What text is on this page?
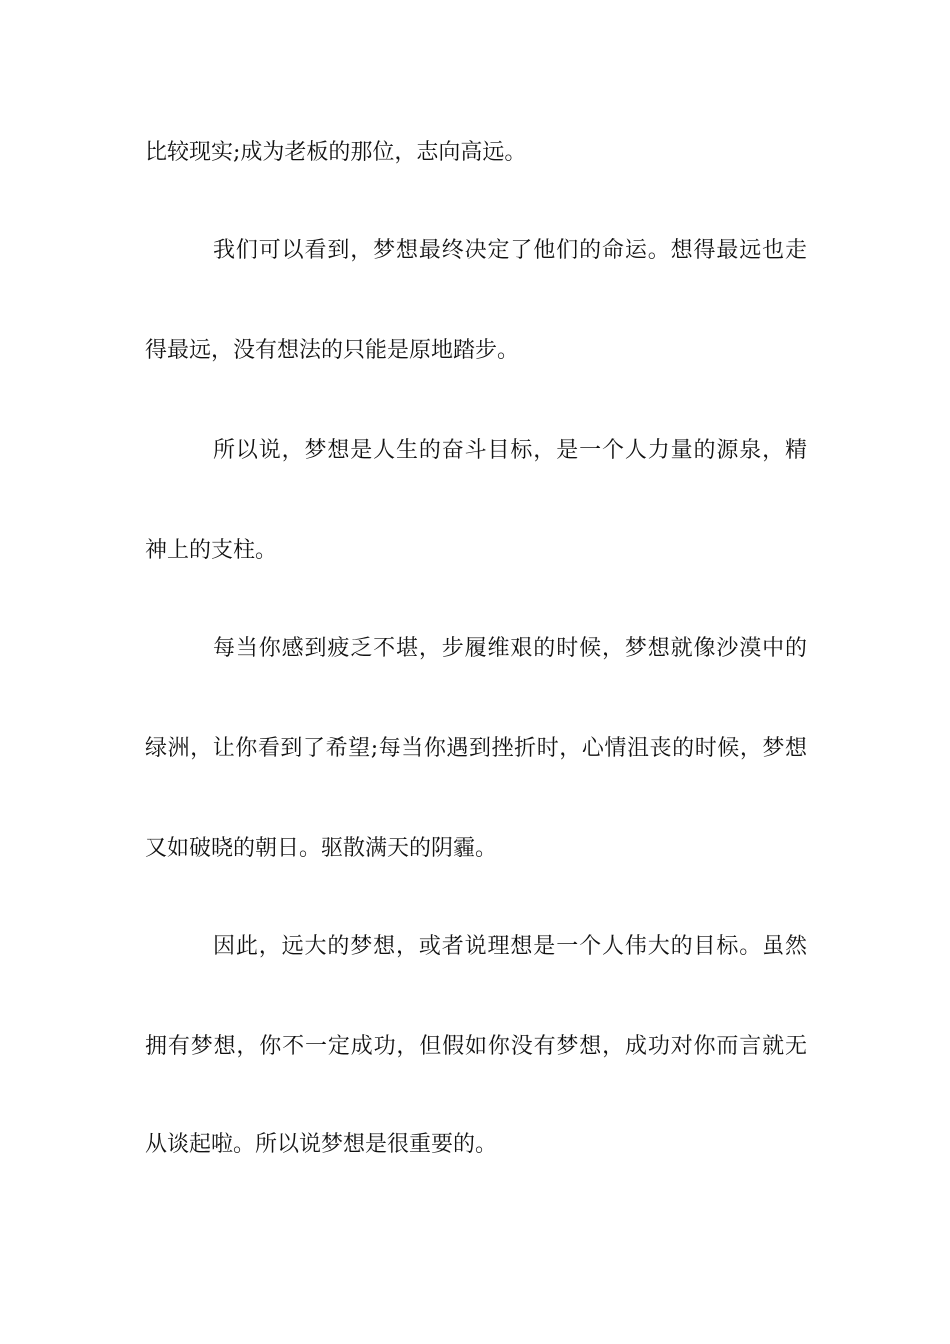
比较现实;成为老板的那位，志向高远。
我们可以看到，梦想最终决定了他们的命运。想得最远也走
得最远，没有想法的只能是原地踏步。
所以说，梦想是人生的奋斗目标，是一个人力量的源泉，精
神上的支柱。
每当你感到疲乏不堪，步履维艰的时候，梦想就像沙漠中的
绿洲，让你看到了希望;每当你遇到挫折时，心情沮丧的时候，梦想
又如破晓的朝日。驱散满天的阴霾。
因此，远大的梦想，或者说理想是一个人伟大的目标。虽然
拥有梦想，你不一定成功，但假如你没有梦想，成功对你而言就无
从谈起啦。所以说梦想是很重要的。
